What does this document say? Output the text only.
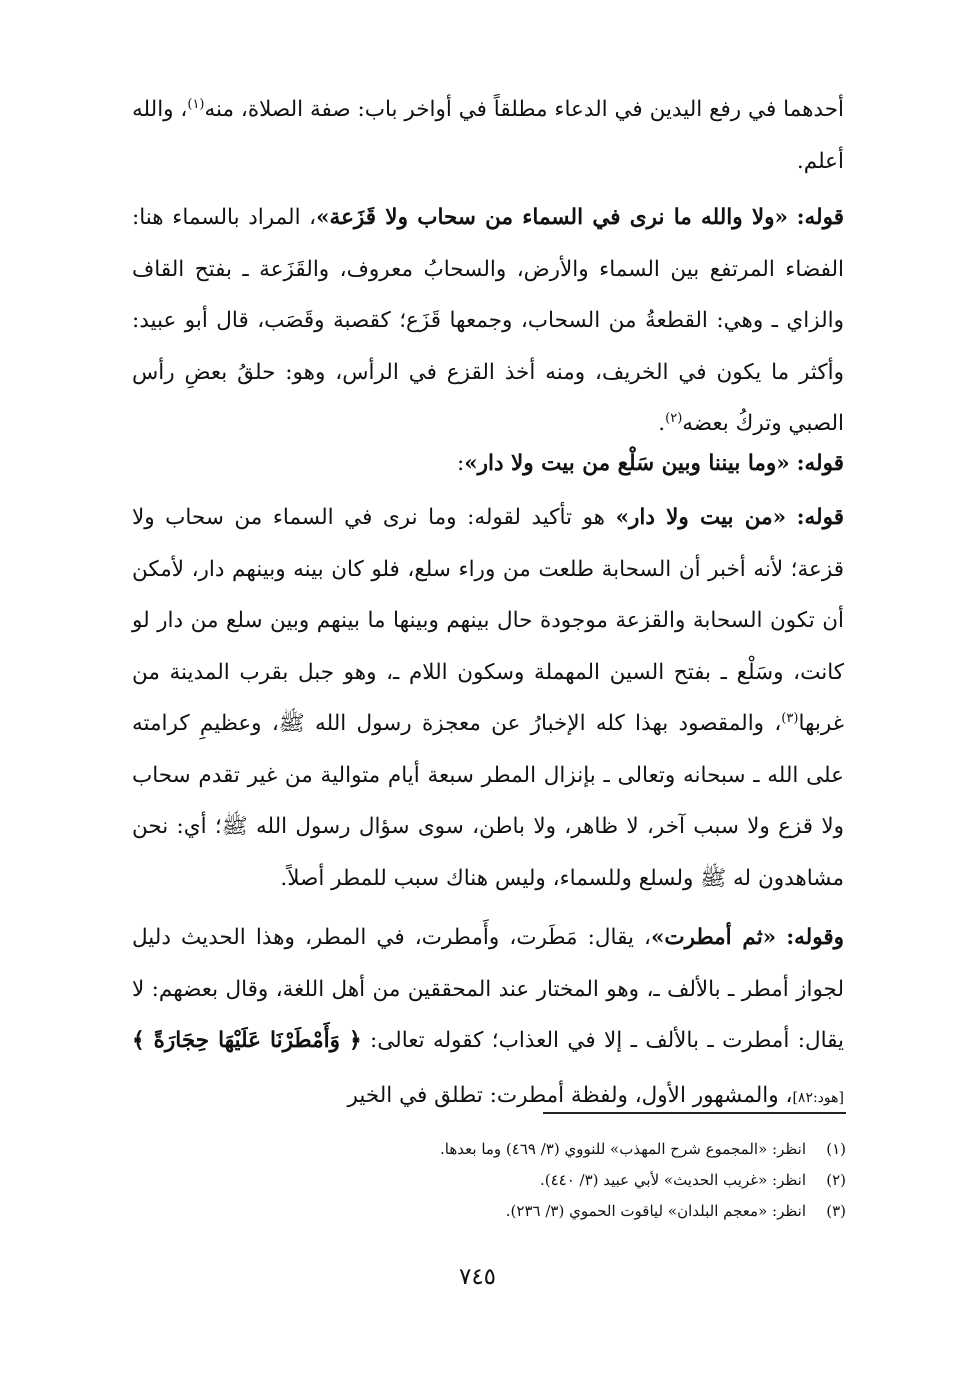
أحدهما في رفع اليدين في الدعاء مطلقاً في أواخر باب: صفة الصلاة، منه$^{(١)}$، والله أعلم.

قوله: «ولا والله ما نرى في السماء من سحاب ولا قَزَعة»، المراد بالسماء هنا: الفضاء المرتفع بين السماء والأرض، والسحابُ معروف، والقَزَعة ـ بفتح القاف والزاي ـ وهي: القطعةُ من السحاب، وجمعها قَزَع؛ كقصبة وقَصَب، قال أبو عبيد: وأكثر ما يكون في الخريف، ومنه أخذ القزع في الرأس، وهو: حلقُ بعضِ رأس الصبي وتركُ بعضه$^{(٢)}$.

قوله: «وما بيننا وبين سَلْع من بيت ولا دار»:

قوله: «من بيت ولا دار» هو تأكيد لقوله: وما نرى في السماء من سحاب ولا قزعة؛ لأنه أخبر أن السحابة طلعت من وراء سلع، فلو كان بينه وبينهم دار، لأمكن أن تكون السحابة والقزعة موجودة حال بينهم وبينها ما بينهم وبين سلع من دار لو كانت، وسَلْع ـ بفتح السين المهملة وسكون اللام ـ، وهو جبل بقرب المدينة من غربها$^{(٣)}$، والمقصود بهذا كله الإخبارُ عن معجزة رسول الله ﷺ، وعظيمِ كرامته على الله ـ سبحانه وتعالى ـ بإنزال المطر سبعة أيام متوالية من غير تقدم سحاب ولا قزع ولا سبب آخر، لا ظاهر، ولا باطن، سوى سؤال رسول الله ﷺ؛ أي: نحن مشاهدون له ﷺ ولسلع وللسماء، وليس هناك سبب للمطر أصلاً.

وقوله: «ثم أمطرت»، يقال: مَطَرت، وأَمطرت، في المطر، وهذا الحديث دليل لجواز أمطر ـ بالألف ـ، وهو المختار عند المحققين من أهل اللغة، وقال بعضهم: لا يقال: أمطرت ـ بالألف ـ إلا في العذاب؛ كقوله تعالى: ﴿ وَأَمْطَرْنَا عَلَيْهَا حِجَارَةً ﴾ [هود:٨٢]، والمشهور الأول، ولفظة أمطرت: تطلق في الخير

(١)
انظر: «المجموع شرح المهذب» للنووي (٣/ ٤٦٩) وما بعدها.
(٢)
انظر: «غريب الحديث» لأبي عبيد (٣/ ٤٤٠).
(٣)
انظر: «معجم البلدان» لياقوت الحموي (٣/ ٢٣٦).
٧٤٥
